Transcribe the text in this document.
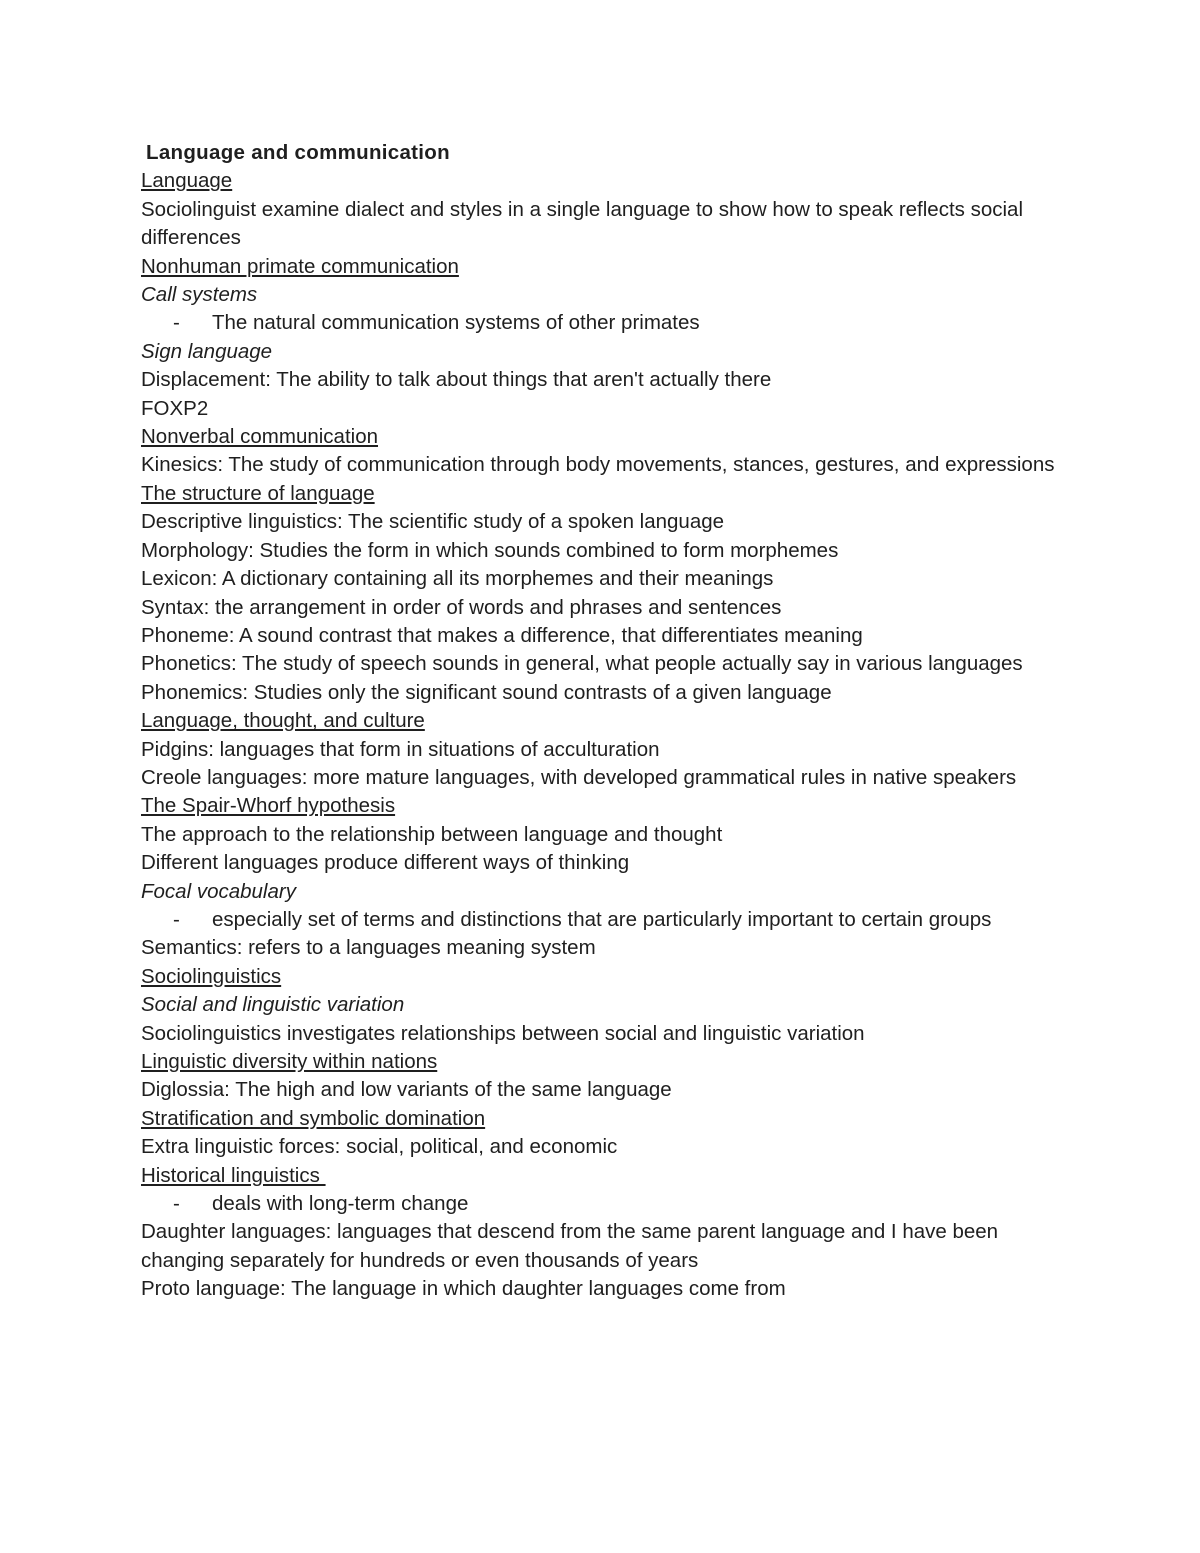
Language and communication
Language
Sociolinguist examine dialect and styles in a single language to show how to speak reflects social differences
Nonhuman primate communication
Call systems
- The natural communication systems of other primates
Sign language
Displacement: The ability to talk about things that aren't actually there
FOXP2
Nonverbal communication
Kinesics: The study of communication through body movements, stances, gestures, and expressions
The structure of language
Descriptive linguistics: The scientific study of a spoken language
Morphology: Studies the form in which sounds combined to form morphemes
Lexicon: A dictionary containing all its morphemes and their meanings
Syntax: the arrangement in order of words and phrases and sentences
Phoneme: A sound contrast that makes a difference, that differentiates meaning
Phonetics: The study of speech sounds in general, what people actually say in various languages
Phonemics: Studies only the significant sound contrasts of a given language
Language, thought, and culture
Pidgins: languages that form in situations of acculturation
Creole languages: more mature languages, with developed grammatical rules in native speakers
The Spair-Whorf hypothesis
The approach to the relationship between language and thought
Different languages produce different ways of thinking
Focal vocabulary
- especially set of terms and distinctions that are particularly important to certain groups
Semantics: refers to a languages meaning system
Sociolinguistics
Social and linguistic variation
Sociolinguistics investigates relationships between social and linguistic variation
Linguistic diversity within nations
Diglossia: The high and low variants of the same language
Stratification and symbolic domination
Extra linguistic forces: social, political, and economic
Historical linguistics
- deals with long-term change
Daughter languages: languages that descend from the same parent language and I have been changing separately for hundreds or even thousands of years
Proto language: The language in which daughter languages come from
